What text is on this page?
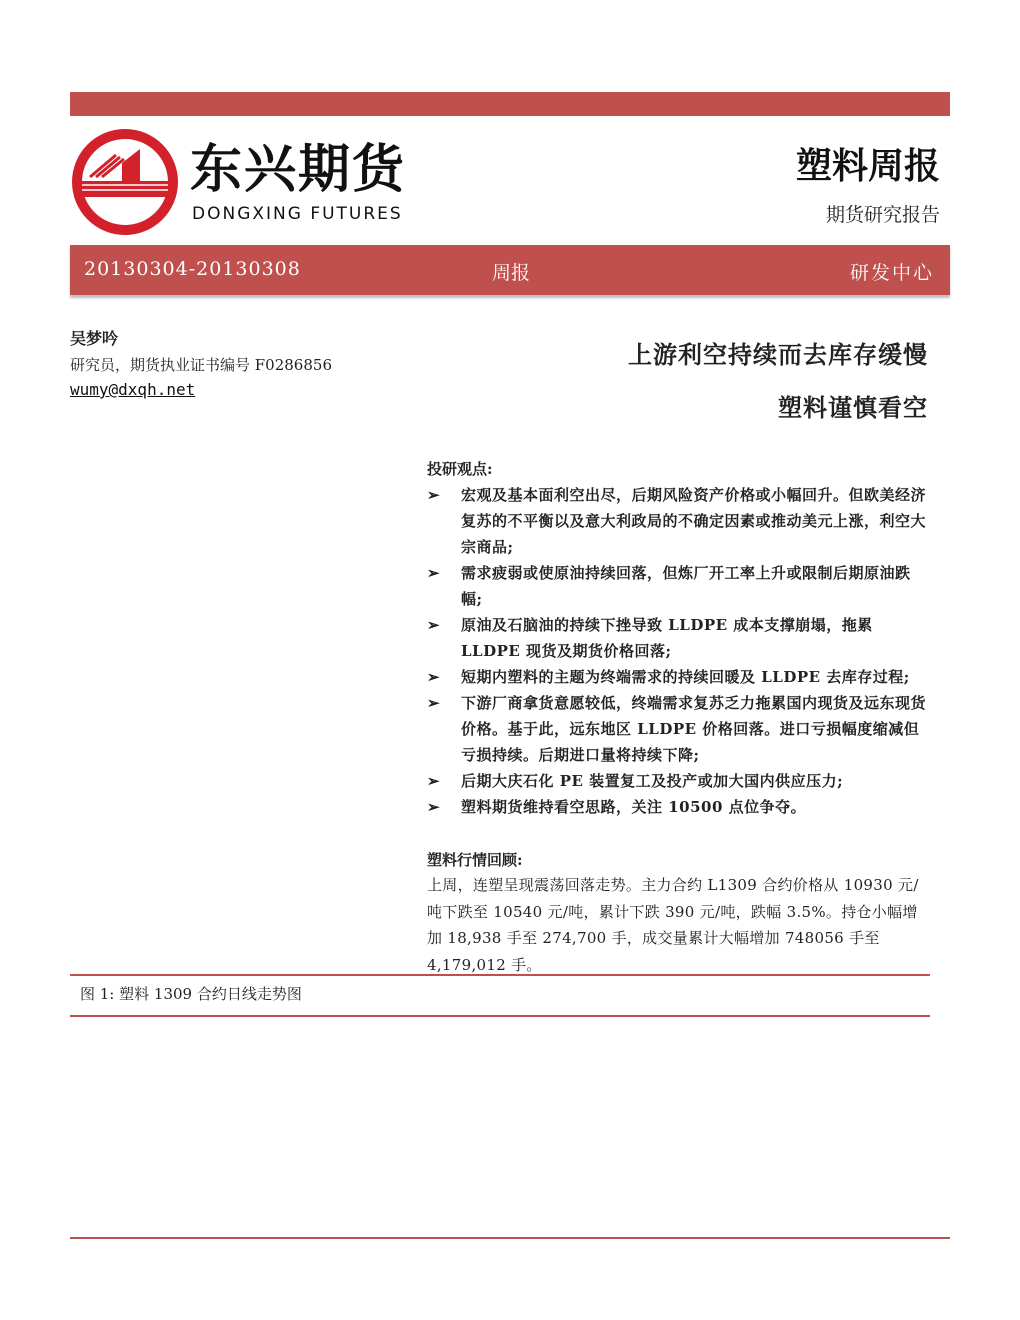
东兴期货
DONGXING FUTURES
塑料周报
期货研究报告
20130304-20130308	周报	研发中心
吴梦吟
研究员，期货执业证书编号 F0286856
wumy@dxqh.net
上游利空持续而去库存缓慢
塑料谨慎看空
投研观点:
➢ 宏观及基本面利空出尽，后期风险资产价格或小幅回升。但欧美经济复苏的不平衡以及意大利政局的不确定因素或推动美元上涨，利空大宗商品;
➢ 需求疲弱或使原油持续回落，但炼厂开工率上升或限制后期原油跌幅;
➢ 原油及石脑油的持续下挫导致 LLDPE 成本支撑崩塌，拖累 LLDPE 现货及期货价格回落;
➢ 短期内塑料的主题为终端需求的持续回暖及 LLDPE 去库存过程;
➢ 下游厂商拿货意愿较低，终端需求复苏乏力拖累国内现货及远东现货价格。基于此，远东地区 LLDPE 价格回落。进口亏损幅度缩减但亏损持续。后期进口量将持续下降;
➢ 后期大庆石化 PE 装置复工及投产或加大国内供应压力;
➢ 塑料期货维持看空思路，关注 10500 点位争夺。
塑料行情回顾:
上周，连塑呈现震荡回落走势。主力合约 L1309 合约价格从 10930 元/吨下跌至 10540 元/吨，累计下跌 390 元/吨，跌幅 3.5%。持仓小幅增加 18,938 手至 274,700 手，成交量累计大幅增加 748056 手至 4,179,012 手。
图 1: 塑料 1309 合约日线走势图
